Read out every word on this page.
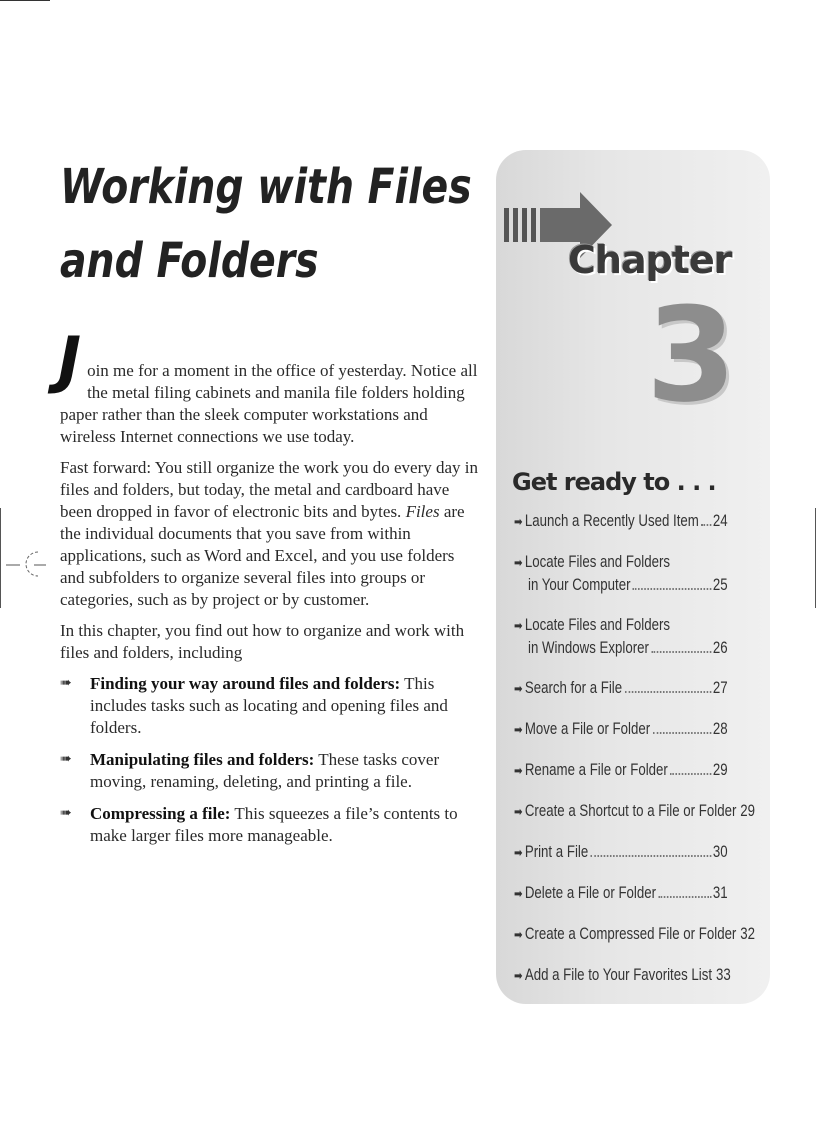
Working with Files
and Folders

Join me for a moment in the office of yesterday. Notice all the metal filing cabinets and manila file folders holding paper rather than the sleek computer workstations and wireless Internet connections we use today.

Fast forward: You still organize the work you do every day in files and folders, but today, the metal and cardboard have been dropped in favor of electronic bits and bytes. Files are the individual documents that you save from within applications, such as Word and Excel, and you use folders and subfolders to organize several files into groups or categories, such as by project or by customer.

In this chapter, you find out how to organize and work with files and folders, including

➠ Finding your way around files and folders: This includes tasks such as locating and opening files and folders.
➠ Manipulating files and folders: These tasks cover moving, renaming, deleting, and printing a file.
➠ Compressing a file: This squeezes a file’s contents to make larger files more manageable.
Chapter
3
Get ready to . . .
➡ Launch a Recently Used Item 24
➡ Locate Files and Folders
in Your Computer	25
➡ Locate Files and Folders
in Windows Explorer	26
➡ Search for a File	27
➡ Move a File or Folder	28
➡ Rename a File or Folder	29
➡ Create a Shortcut to a File or Folder 29
➡ Print a File	30
➡ Delete a File or Folder	31
➡ Create a Compressed File or Folder 32
➡ Add a File to Your Favorites List 33
